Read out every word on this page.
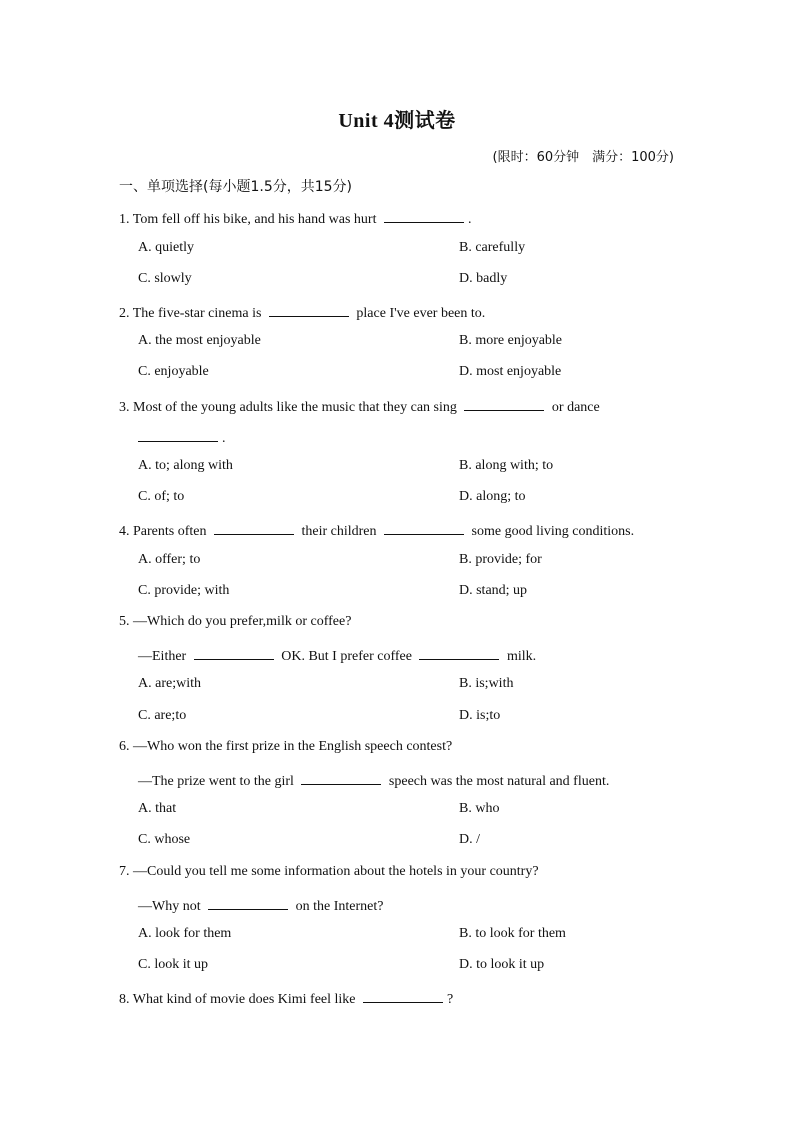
Unit 4测试卷
(限时：60分钟　满分：100分)
一、单项选择(每小题1.5分，共15分)
1. Tom fell off his bike, and his hand was hurt	.
A. quietly	B. carefully
C. slowly	D. badly
2. The five-star cinema is	place I've ever been to.
A. the most enjoyable	B. more enjoyable
C. enjoyable	D. most enjoyable
3. Most of the young adults like the music that they can sing	or dance
.
A. to; along with	B. along with; to
C. of; to	D. along; to
4. Parents often	their children	some good living conditions.
A. offer; to	B. provide; for
C. provide; with	D. stand; up
5. —Which do you prefer,milk or coffee?
—Either	OK. But I prefer coffee	milk.
A. are;with	B. is;with
C. are;to	D. is;to
6. —Who won the first prize in the English speech contest?
—The prize went to the girl	speech was the most natural and fluent.
A. that	B. who
C. whose	D. /
7. —Could you tell me some information about the hotels in your country?
—Why not	on the Internet?
A. look for them	B. to look for them
C. look it up	D. to look it up
8. What kind of movie does Kimi feel like	?
